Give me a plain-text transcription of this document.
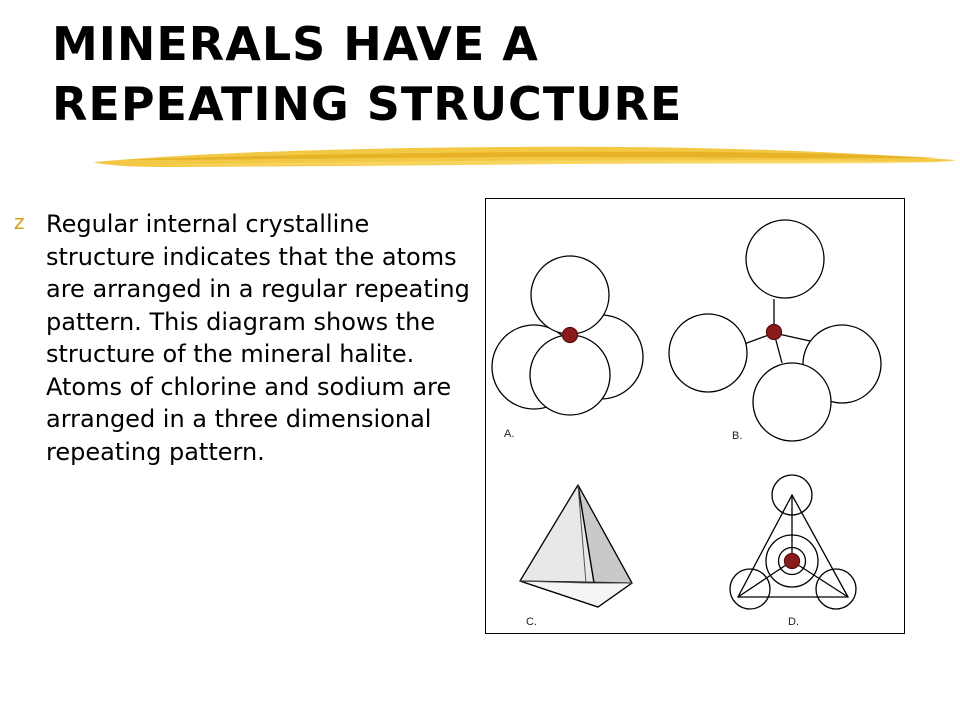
MINERALS HAVE A
REPEATING STRUCTURE
z Regular internal crystalline structure indicates that the atoms are arranged in a regular repeating pattern. This diagram shows the structure of the mineral halite. Atoms of chlorine and sodium are arranged in a three dimensional repeating pattern.

A.	B.
C.	D.
